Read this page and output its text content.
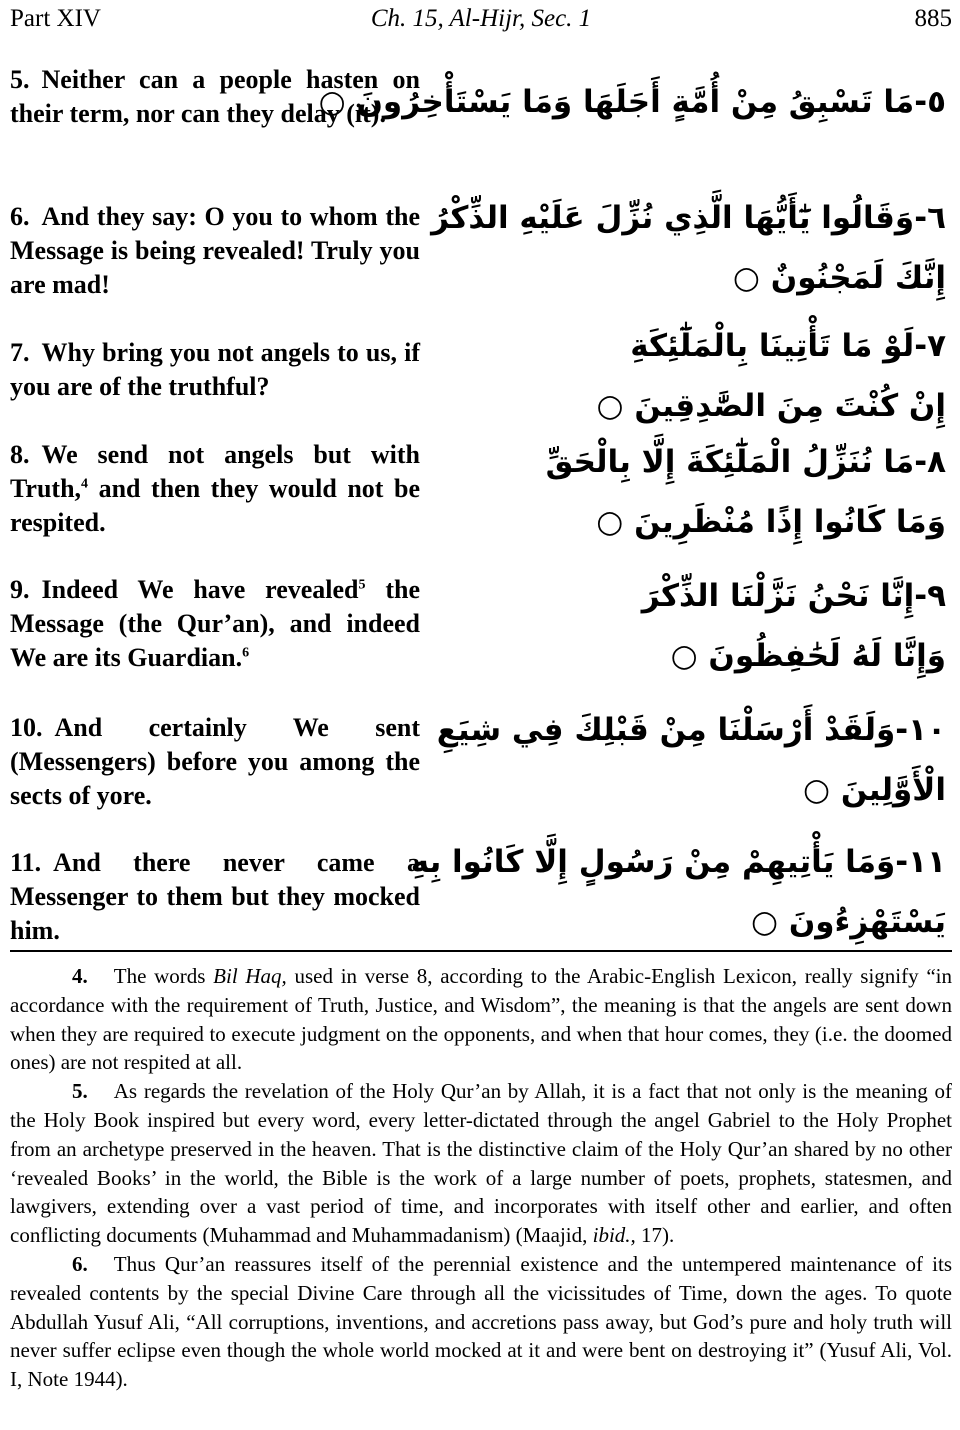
Part XIV	Ch. 15, Al-Hijr, Sec. 1	885
5. Neither can a people hasten on their term, nor can they delay (it).
٥-مَا تَسْبِقُ مِنْ أُمَّةٍ أَجَلَهَا وَمَا يَسْتَأْخِرُونَ ○
6. And they say: O you to whom the Message is being revealed! Truly you are mad!
٦-وَقَالُوا يَٰٓأَيُّهَا الَّذِي نُزِّلَ عَلَيْهِ الذِّكْرُ
إِنَّكَ لَمَجْنُونٌ ○
7. Why bring you not angels to us, if you are of the truthful?
٧-لَوْ مَا تَأْتِينَا بِالْمَلَٰٓئِكَةِ
إِنْ كُنْتَ مِنَ الصَّٰدِقِينَ ○
8. We send not angels but with Truth,$^4$ and then they would not be respited.
٨-مَا نُنَزِّلُ الْمَلَٰٓئِكَةَ إِلَّا بِالْحَقِّ
وَمَا كَانُوا إِذًا مُنْظَرِينَ ○
9. Indeed We have revealed$^5$ the Message (the Qur’an), and indeed We are its Guardian.$^6$
٩-إِنَّا نَحْنُ نَزَّلْنَا الذِّكْرَ
وَإِنَّا لَهُ لَحَٰفِظُونَ ○
10. And certainly We sent (Messengers) before you among the sects of yore.
١٠-وَلَقَدْ أَرْسَلْنَا مِنْ قَبْلِكَ فِي شِيَعِ
الْأَوَّلِينَ ○
11. And there never came a Messenger to them but they mocked him.
١١-وَمَا يَأْتِيهِمْ مِنْ رَسُولٍ إِلَّا كَانُوا بِهِ
يَسْتَهْزِءُونَ ○

4. The words Bil Haq, used in verse 8, according to the Arabic-English Lexicon, really signify “in accordance with the requirement of Truth, Justice, and Wisdom”, the meaning is that the angels are sent down when they are required to execute judgment on the opponents, and when that hour comes, they (i.e. the doomed ones) are not respited at all.

5. As regards the revelation of the Holy Qur’an by Allah, it is a fact that not only is the meaning of the Holy Book inspired but every word, every letter-dictated through the angel Gabriel to the Holy Prophet from an archetype preserved in the heaven. That is the distinctive claim of the Holy Qur’an shared by no other ‘revealed Books’ in the world, the Bible is the work of a large number of poets, prophets, statesmen, and lawgivers, extending over a vast period of time, and incorporates with itself other and earlier, and often conflicting documents (Muhammad and Muhammadanism) (Maajid, ibid., 17).

6. Thus Qur’an reassures itself of the perennial existence and the untempered maintenance of its revealed contents by the special Divine Care through all the vicissitudes of Time, down the ages. To quote Abdullah Yusuf Ali, “All corruptions, inventions, and accretions pass away, but God’s pure and holy truth will never suffer eclipse even though the whole world mocked at it and were bent on destroying it” (Yusuf Ali, Vol. I, Note 1944).
